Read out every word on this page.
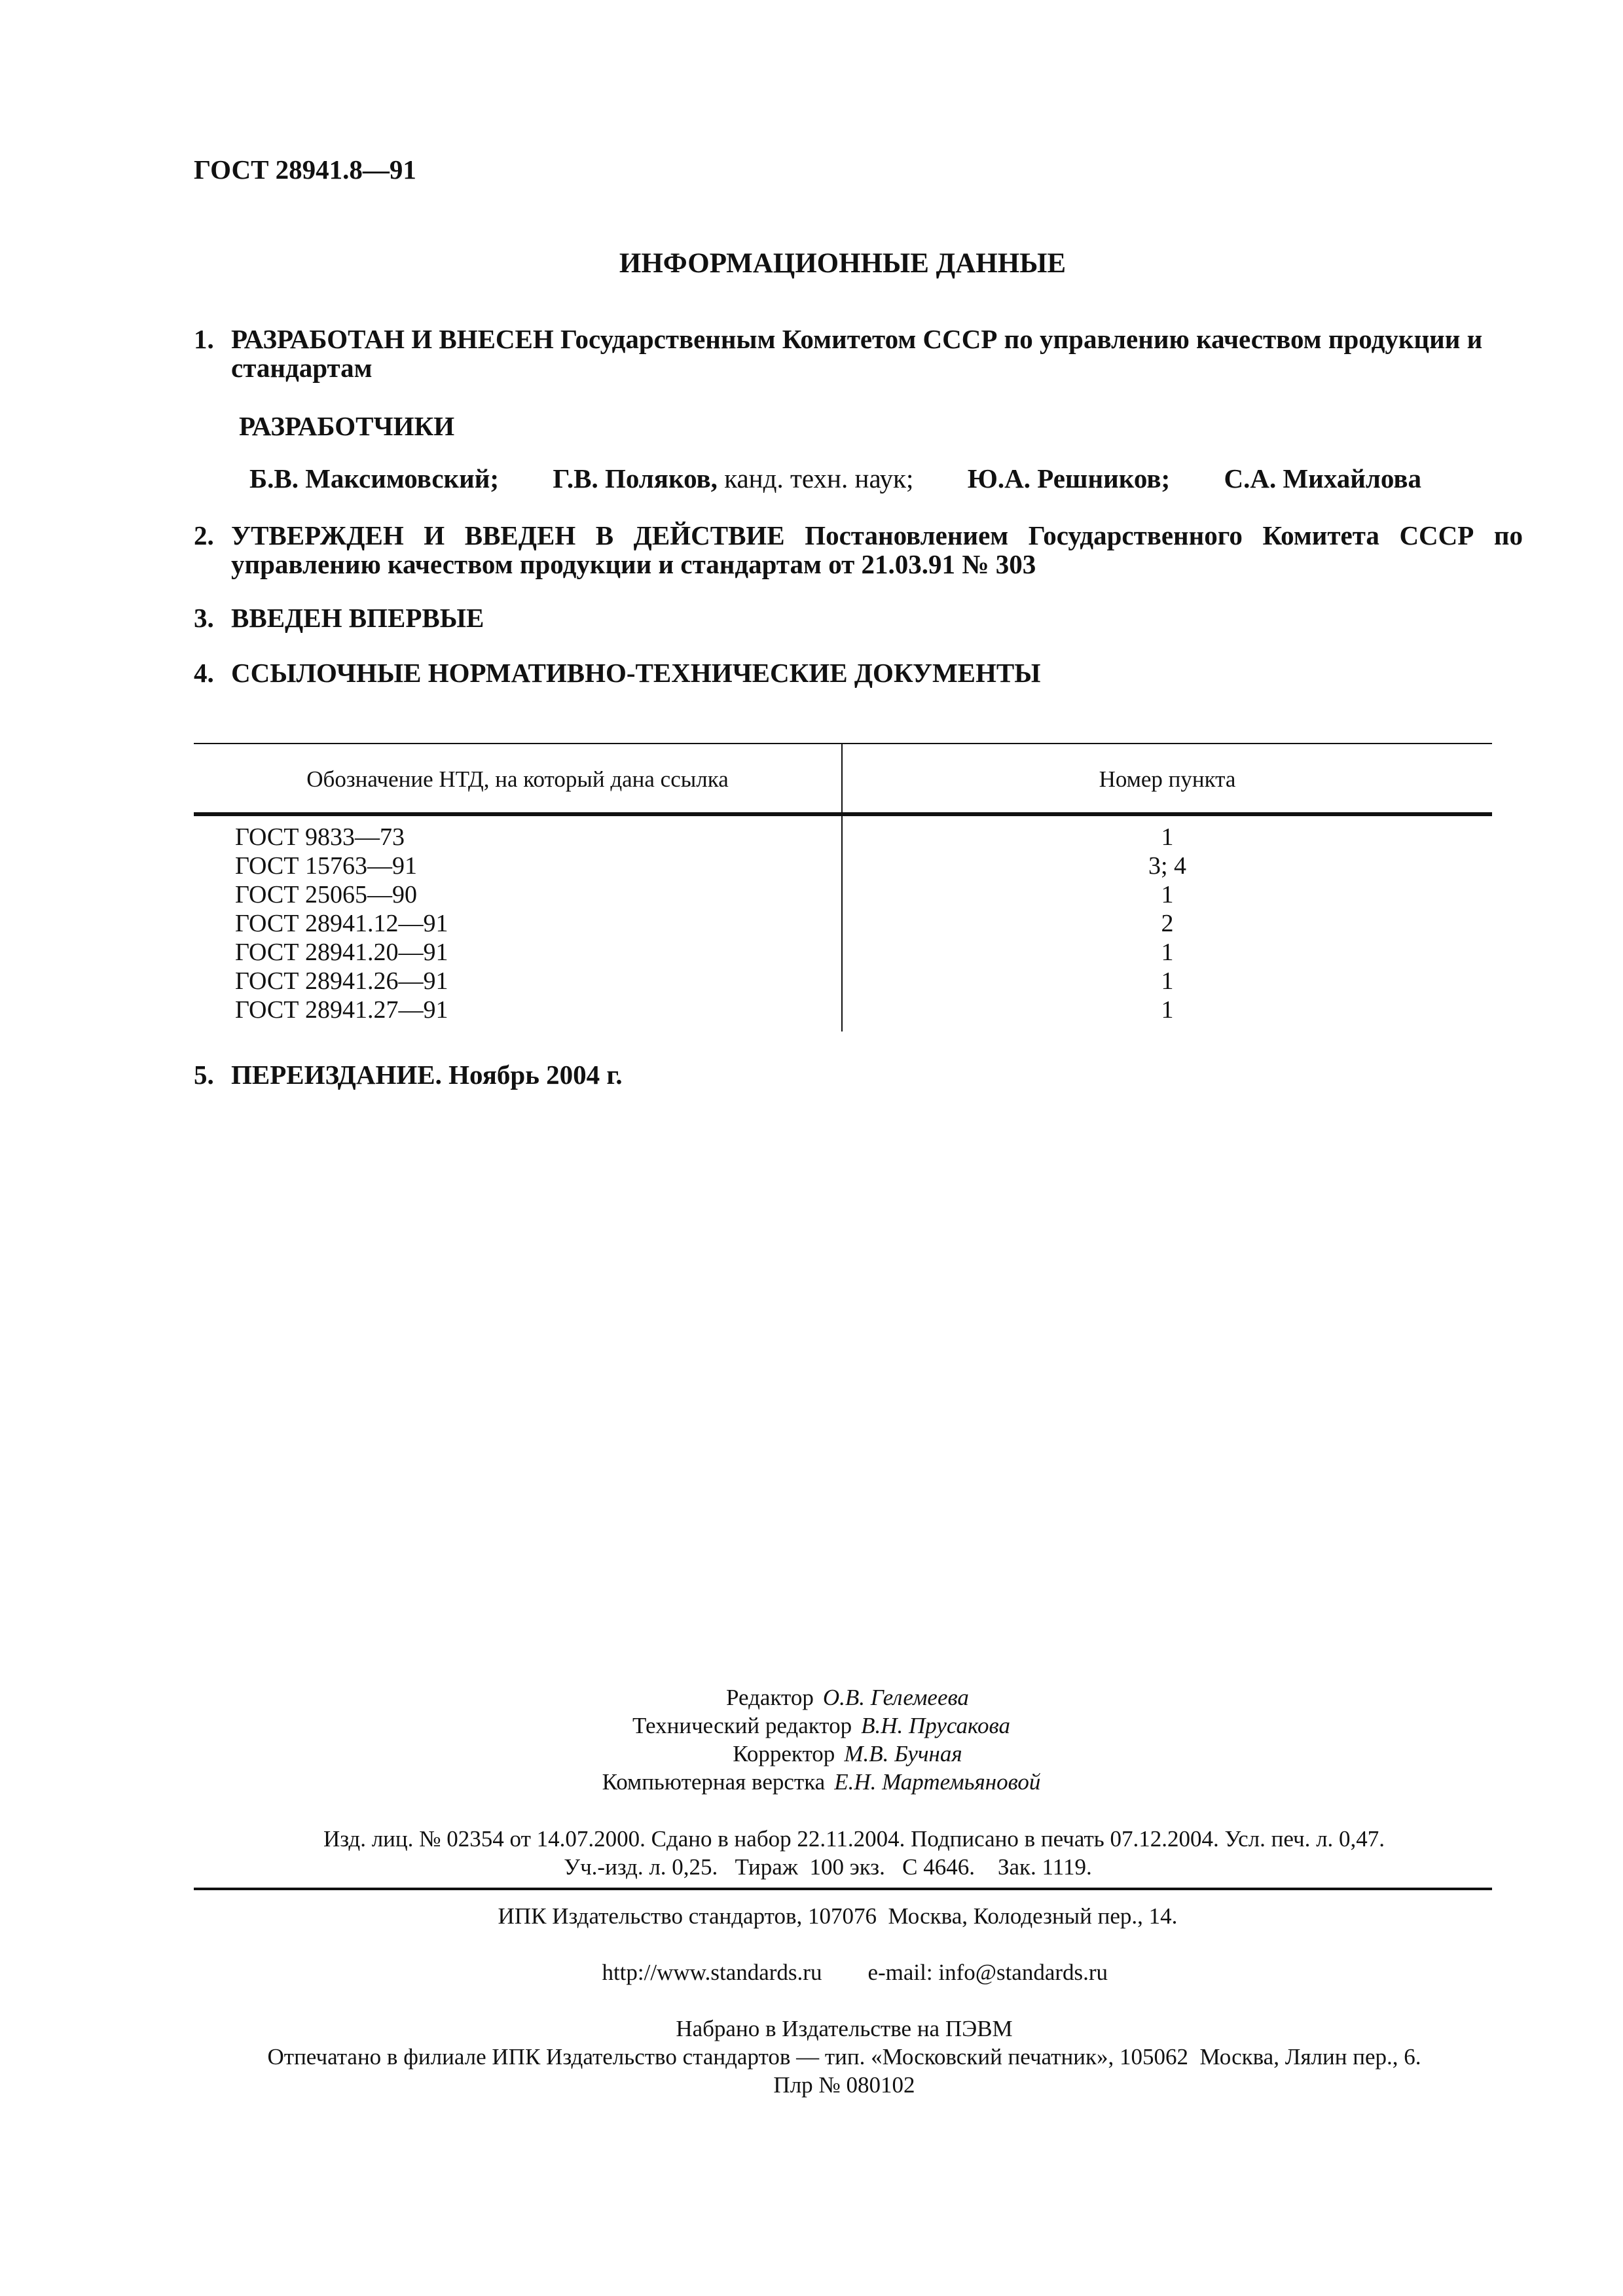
ГОСТ 28941.8—91
ИНФОРМАЦИОННЫЕ ДАННЫЕ
1. РАЗРАБОТАН И ВНЕСЕН Государственным Комитетом СССР по управлению качеством продукции и стандартам
РАЗРАБОТЧИКИ
Б.В. Максимовский; Г.В. Поляков, канд. техн. наук; Ю.А. Решников; С.А. Михайлова
2. УТВЕРЖДЕН И ВВЕДЕН В ДЕЙСТВИЕ Постановлением Государственного Комитета СССР по управлению качеством продукции и стандартам от 21.03.91 № 303
3. ВВЕДЕН ВПЕРВЫЕ
4. ССЫЛОЧНЫЕ НОРМАТИВНО-ТЕХНИЧЕСКИЕ ДОКУМЕНТЫ
Обозначение НТД, на который дана ссылка	Номер пункта
ГОСТ 9833—73	1
ГОСТ 15763—91	3; 4
ГОСТ 25065—90	1
ГОСТ 28941.12—91	2
ГОСТ 28941.20—91	1
ГОСТ 28941.26—91	1
ГОСТ 28941.27—91	1
5. ПЕРЕИЗДАНИЕ. Ноябрь 2004 г.
Редактор О.В. Гелемеева
Технический редактор В.Н. Прусакова
Корректор М.В. Бучная
Компьютерная верстка Е.Н. Мартемьяновой
Изд. лиц. № 02354 от 14.07.2000. Сдано в набор 22.11.2004. Подписано в печать 07.12.2004. Усл. печ. л. 0,47.
Уч.-изд. л. 0,25.   Тираж  100 экз.   С 4646.    Зак. 1119.
ИПК Издательство стандартов, 107076  Москва, Колодезный пер., 14.

http://www.standards.ru e-mail: info@standards.ru

Набрано в Издательстве на ПЭВМ
Отпечатано в филиале ИПК Издательство стандартов — тип. «Московский печатник», 105062  Москва, Лялин пер., 6.
Плр № 080102
